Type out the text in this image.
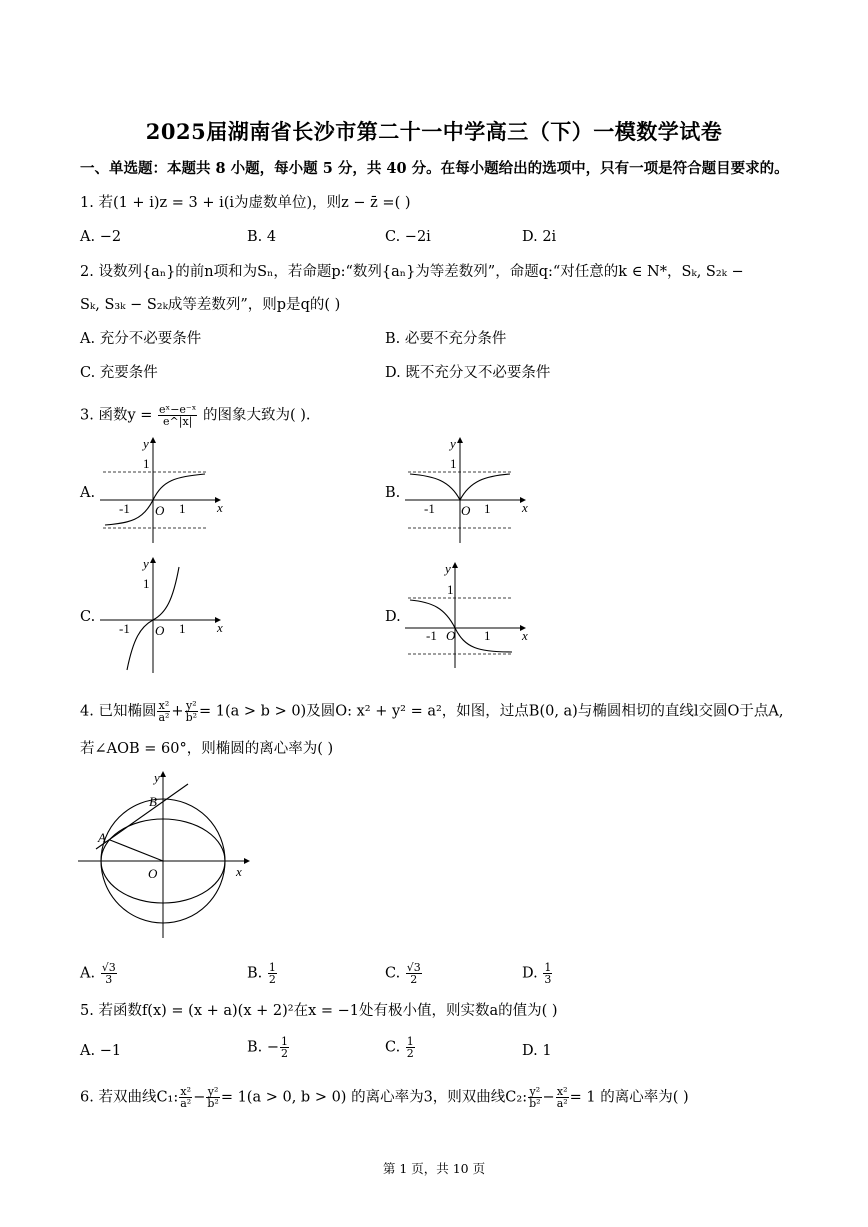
2025届湖南省长沙市第二十一中学高三（下）一模数学试卷
一、单选题：本题共 8 小题，每小题 5 分，共 40 分。在每小题给出的选项中，只有一项是符合题目要求的。
1. 若(1 + i)z = 3 + i(i为虚数单位)，则z − z̄ =( )
A. −2	B. 4	C. −2i	D. 2i
2. 设数列{aₙ}的前n项和为Sₙ，若命题p:“数列{aₙ}为等差数列”，命题q:“对任意的k ∈ N*，Sₖ, S₂ₖ −
Sₖ, S₃ₖ − S₂ₖ成等差数列”，则p是q的( )
A. 充分不必要条件	B. 必要不充分条件
C. 充要条件	D. 既不充分又不必要条件
3. 函数$y = \frac{\text{eˣ−e⁻ˣ}}{e\^{}|x|}$ 的图象大致为( ).
A.	B.
C.	D.
y
x
1
-1	1
O
y
x
1
-1	1
O
y
x
1
-1	1
O
y
x
1
-1	1
O
4. 已知椭圆 $\frac{\text{x²}}{\text{a²}} + \frac{\text{y²}}{\text{b²}} = 1(a > b > 0)$及圆O: x² + y² = a²，如图，过点B(0, a)与椭圆相切的直线l交圆O于点A,
若∠AOB = 60°，则椭圆的离心率为( )
y
x
O
B
A
A. $\frac{√3}{3}$	B. $\frac{1}{2}$	C. $\frac{√3}{2}$	D. $\frac{1}{3}$
5. 若函数f(x) = (x + a)(x + 2)²在x = −1处有极小值，则实数a的值为( )
A. −1	B. − $\frac{1}{2}$	C. $\frac{1}{2}$	D. 1
6. 若双曲线C₁: $\frac{\text{x²}}{\text{a²}} - \frac{\text{y²}}{\text{b²}} = 1(a > 0$, b > 0) 的离心率为3，则双曲线C₂: $\frac{\text{y²}}{\text{b²}} - \frac{\text{x²}}{\text{a²}} = 1$ 的离心率为( )
第 1 页，共 10 页
